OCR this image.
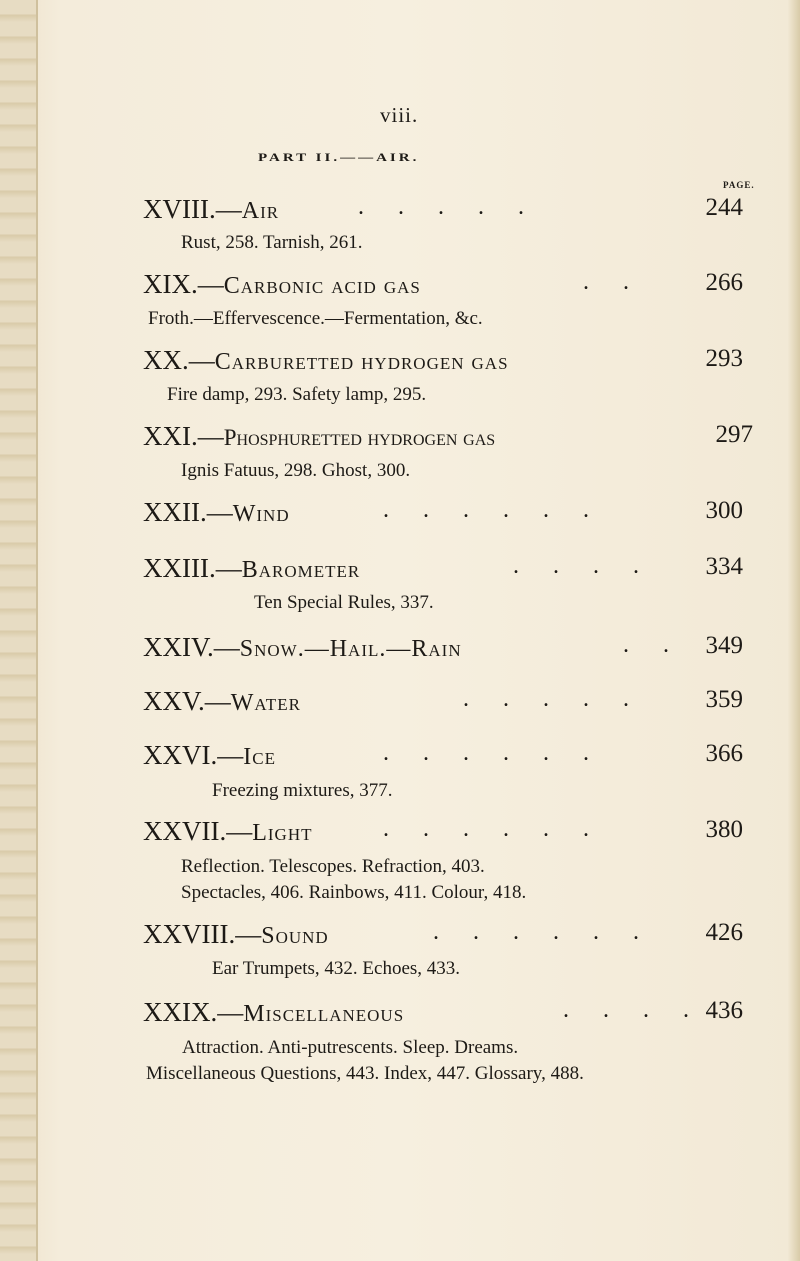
viii.
PART II.——AIR.
PAGE.
XVIII.—Air	. . . . .	244
Rust, 258. Tarnish, 261.
XIX.—Carbonic acid gas	. .	266
Froth.—Effervescence.—Fermentation, &c.
XX.—Carburetted hydrogen gas	293
Fire damp, 293. Safety lamp, 295.
XXI.—Phosphuretted hydrogen gas	297
Ignis Fatuus, 298. Ghost, 300.
XXII.—Wind	. . . . . .	300
XXIII.—Barometer	. . . . 334
Ten Special Rules, 337.
XXIV.—Snow.—Hail.—Rain	. . 349
XXV.—Water	. . . . .	359
XXVI.—Ice	. . . . . .	366
Freezing mixtures, 377.
XXVII.—Light	. . . . . .	380
Reflection. Telescopes. Refraction, 403.
Spectacles, 406. Rainbows, 411. Colour, 418.
XXVIII.—Sound	. . . . . . 426
Ear Trumpets, 432. Echoes, 433.
XXIX.—Miscellaneous	. . . . 436
Attraction. Anti-putrescents. Sleep. Dreams.
Miscellaneous Questions, 443. Index, 447. Glossary, 488.
